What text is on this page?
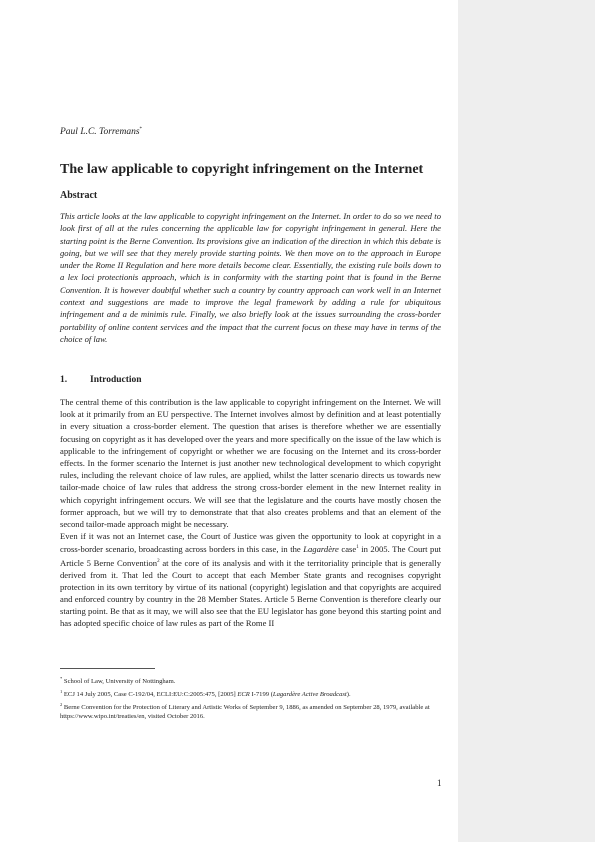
Paul L.C. Torremans*
The law applicable to copyright infringement on the Internet
Abstract

This article looks at the law applicable to copyright infringement on the Internet. In order to do so we need to look first of all at the rules concerning the applicable law for copyright infringement in general. Here the starting point is the Berne Convention. Its provisions give an indication of the direction in which this debate is going, but we will see that they merely provide starting points. We then move on to the approach in Europe under the Rome II Regulation and here more details become clear. Essentially, the existing rule boils down to a lex loci protectionis approach, which is in conformity with the starting point that is found in the Berne Convention. It is however doubtful whether such a country by country approach can work well in an Internet context and suggestions are made to improve the legal framework by adding a rule for ubiquitous infringement and a de minimis rule. Finally, we also briefly look at the issues surrounding the cross-border portability of online content services and the impact that the current focus on these may have in terms of the choice of law.

1. Introduction

The central theme of this contribution is the law applicable to copyright infringement on the Internet. We will look at it primarily from an EU perspective. The Internet involves almost by definition and at least potentially in every situation a cross-border element. The question that arises is therefore whether we are essentially focusing on copyright as it has developed over the years and more specifically on the issue of the law which is applicable to the infringement of copyright or whether we are focusing on the Internet and its cross-border effects. In the former scenario the Internet is just another new technological development to which copyright rules, including the relevant choice of law rules, are applied, whilst the latter scenario directs us towards new tailor-made choice of law rules that address the strong cross-border element in the new Internet reality in which copyright infringement occurs. We will see that the legislature and the courts have mostly chosen the former approach, but we will try to demonstrate that that also creates problems and that an element of the second tailor-made approach might be necessary.

Even if it was not an Internet case, the Court of Justice was given the opportunity to look at copyright in a cross-border scenario, broadcasting across borders in this case, in the Lagardère case$^1$ in 2005. The Court put Article 5 Berne Convention$^2$ at the core of its analysis and with it the territoriality principle that is generally derived from it. That led the Court to accept that each Member State grants and recognises copyright protection in its own territory by virtue of its national (copyright) legislation and that copyrights are acquired and enforced country by country in the 28 Member States. Article 5 Berne Convention is therefore clearly our starting point. Be that as it may, we will also see that the EU legislator has gone beyond this starting point and has adopted specific choice of law rules as part of the Rome II

* School of Law, University of Nottingham.

$^1$ ECJ 14 July 2005, Case C-192/04, ECLI:EU:C:2005:475, [2005] ECR I-7199 (Lagardère Active Broadcast).

$^2$ Berne Convention for the Protection of Literary and Artistic Works of September 9, 1886, as amended on September 28, 1979, available at https://www.wipo.int/treaties/en, visited October 2016.

1
